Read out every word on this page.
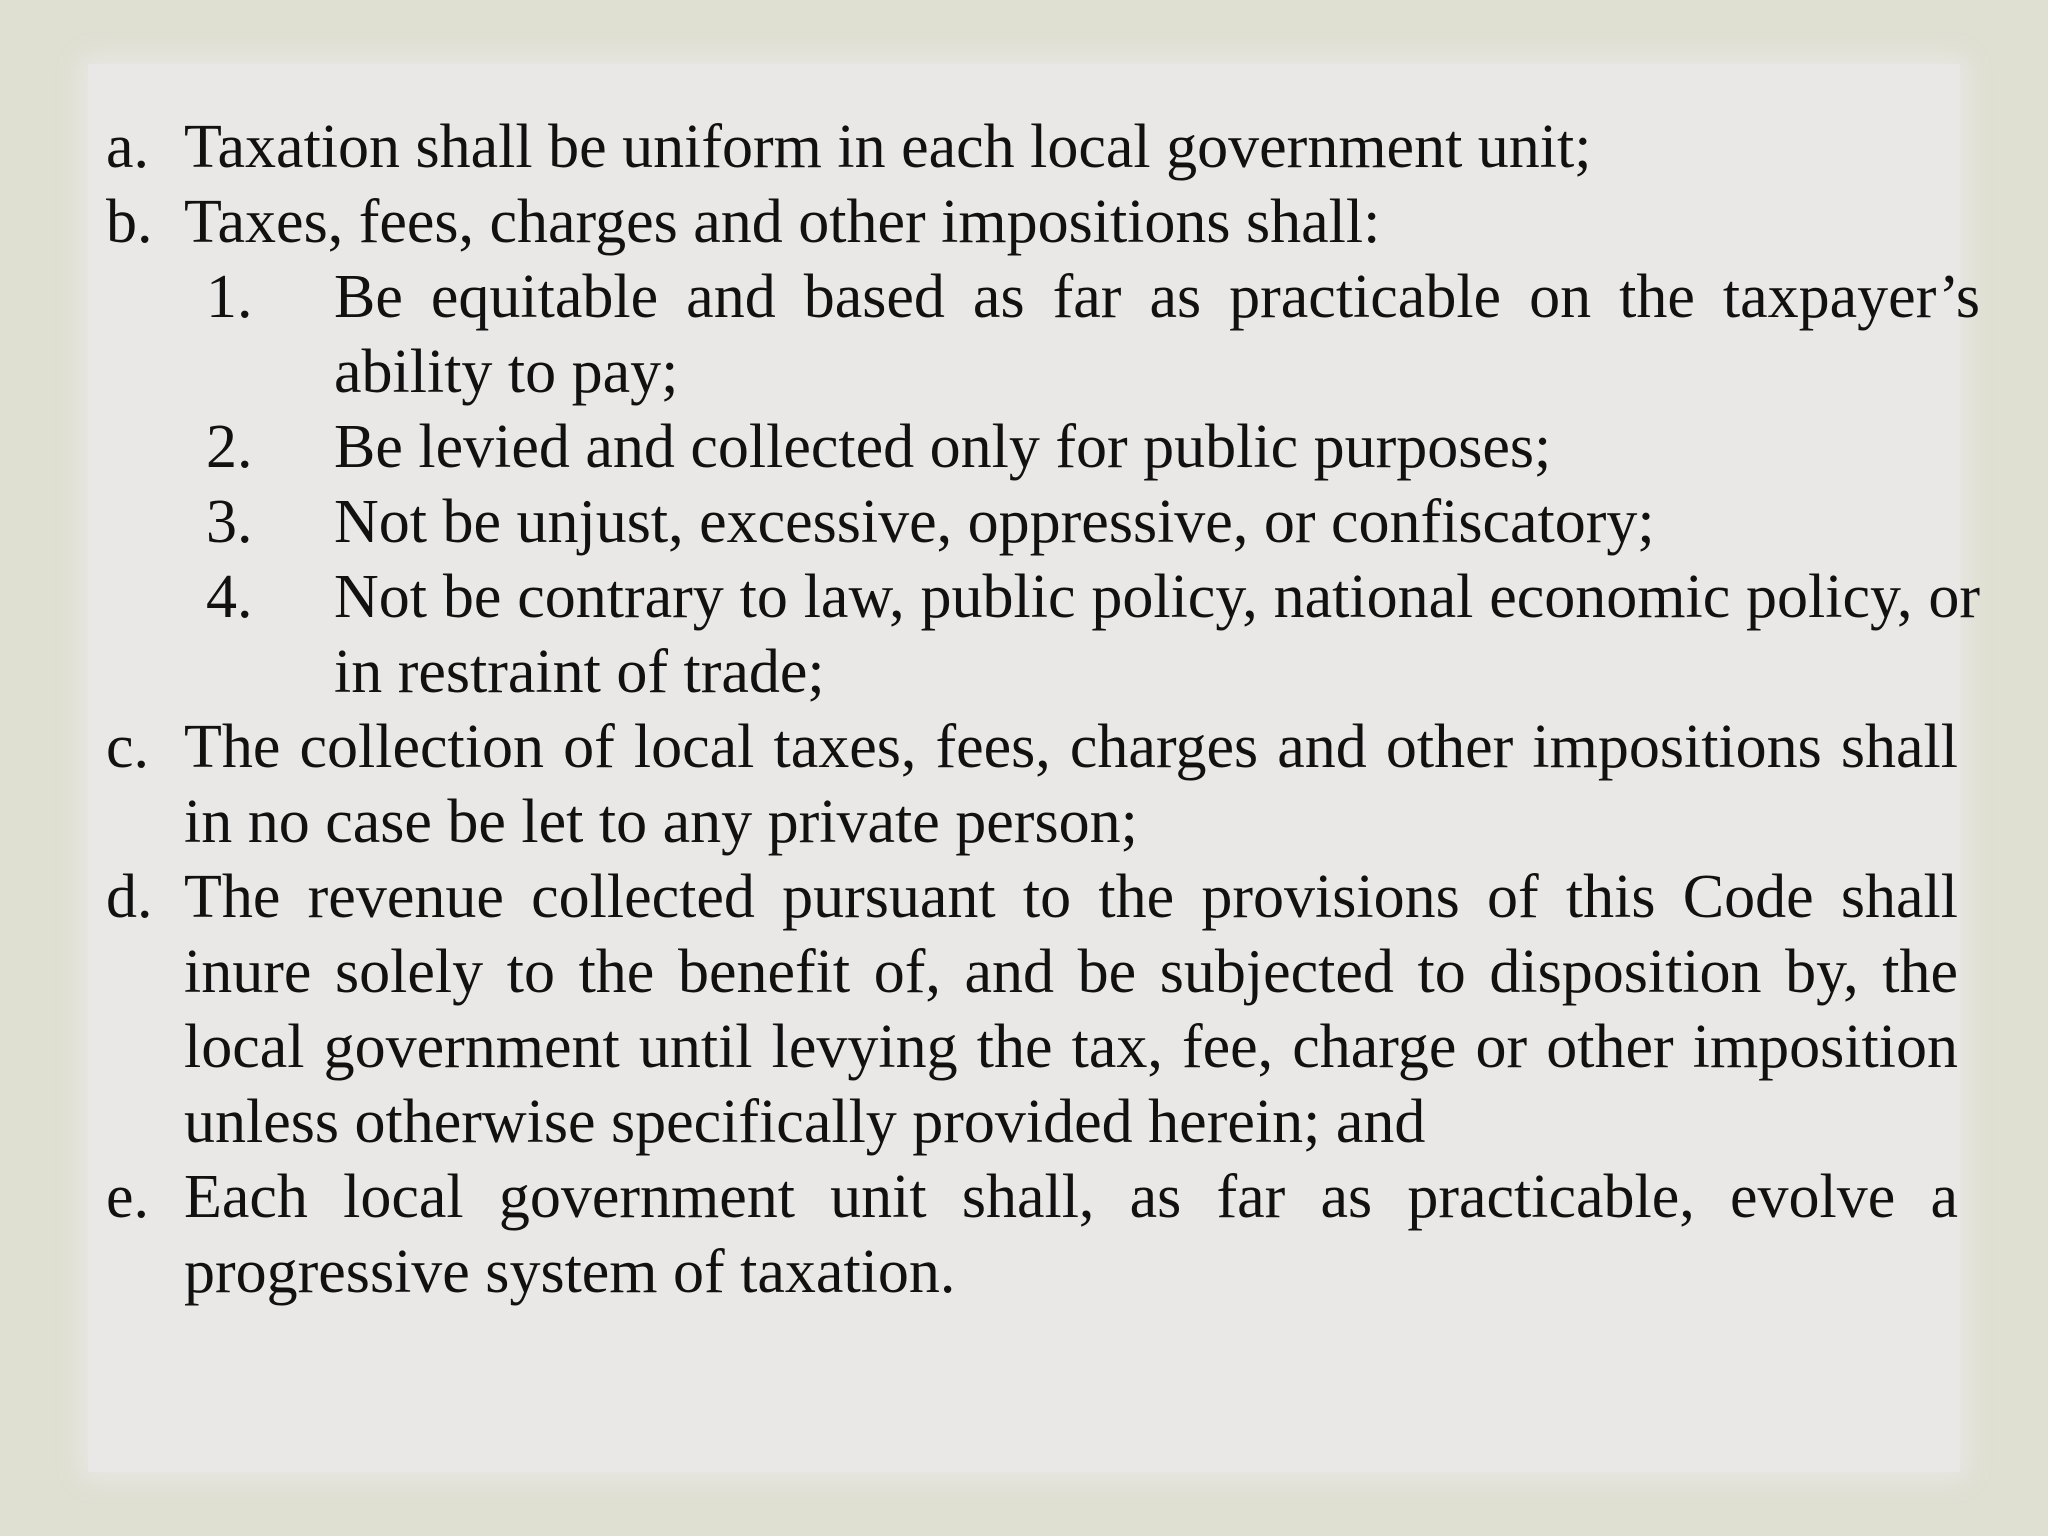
a. Taxation shall be uniform in each local government unit;
b. Taxes, fees, charges and other impositions shall:
1. Be equitable and based as far as practicable on the taxpayer’s ability to pay;
2. Be levied and collected only for public purposes;
3. Not be unjust, excessive, oppressive, or confiscatory;
4. Not be contrary to law, public policy, national economic policy, or in restraint of trade;
c. The collection of local taxes, fees, charges and other impositions shall in no case be let to any private person;
d. The revenue collected pursuant to the provisions of this Code shall inure solely to the benefit of, and be subjected to disposition by, the local government until levying the tax, fee, charge or other imposition unless otherwise specifically provided herein; and
e. Each local government unit shall, as far as practicable, evolve a progressive system of taxation.
